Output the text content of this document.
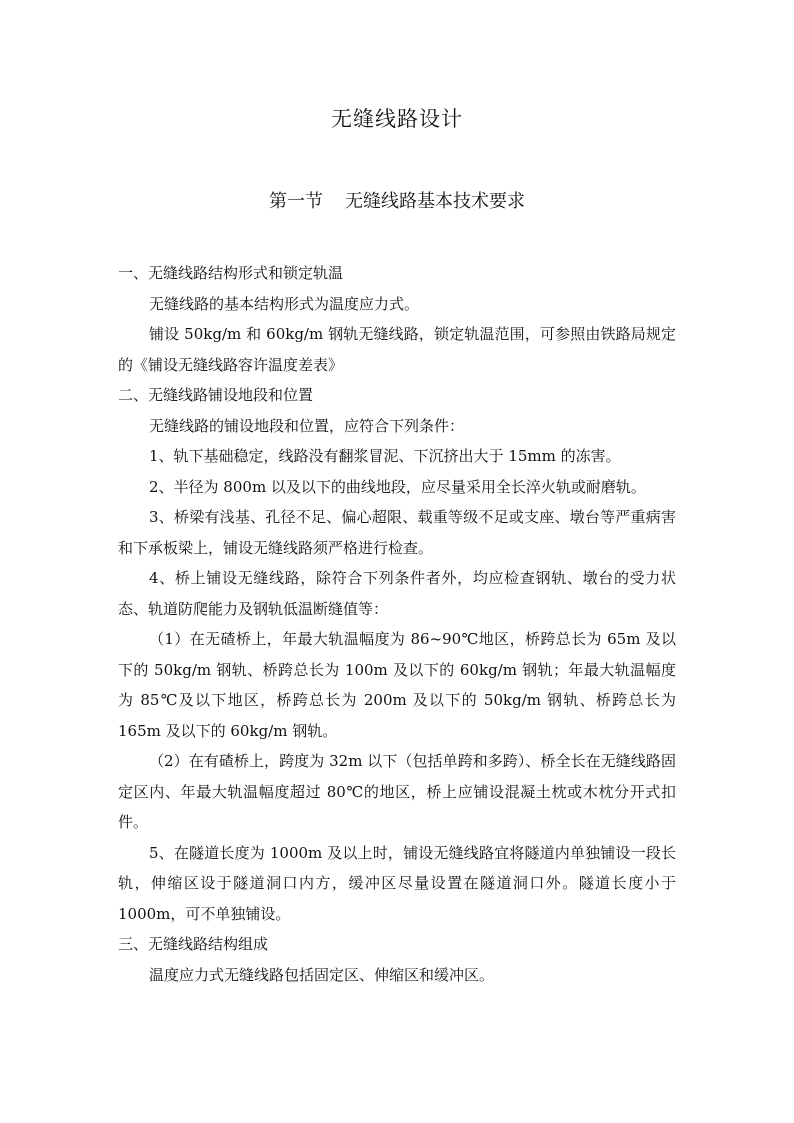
无缝线路设计
第一节 无缝线路基本技术要求

一、无缝线路结构形式和锁定轨温

无缝线路的基本结构形式为温度应力式。

铺设 50kg/m 和 60kg/m 钢轨无缝线路，锁定轨温范围，可参照由铁路局规定的《铺设无缝线路容许温度差表》

二、无缝线路铺设地段和位置

无缝线路的铺设地段和位置，应符合下列条件：

1、轨下基础稳定，线路没有翻浆冒泥、下沉挤出大于 15mm 的冻害。

2、半径为 800m 以及以下的曲线地段，应尽量采用全长淬火轨或耐磨轨。

3、桥梁有浅基、孔径不足、偏心超限、载重等级不足或支座、墩台等严重病害和下承板梁上，铺设无缝线路须严格进行检查。

4、桥上铺设无缝线路，除符合下列条件者外，均应检查钢轨、墩台的受力状态、轨道防爬能力及钢轨低温断缝值等：

（1）在无碴桥上，年最大轨温幅度为 86~90℃地区，桥跨总长为 65m 及以下的 50kg/m 钢轨、桥跨总长为 100m 及以下的 60kg/m 钢轨；年最大轨温幅度为 85℃及以下地区，桥跨总长为 200m 及以下的 50kg/m 钢轨、桥跨总长为 165m 及以下的 60kg/m 钢轨。

（2）在有碴桥上，跨度为 32m 以下（包括单跨和多跨）、桥全长在无缝线路固定区内、年最大轨温幅度超过 80℃的地区，桥上应铺设混凝土枕或木枕分开式扣件。

5、在隧道长度为 1000m 及以上时，铺设无缝线路宜将隧道内单独铺设一段长轨，伸缩区设于隧道洞口内方，缓冲区尽量设置在隧道洞口外。隧道长度小于 1000m，可不单独铺设。

三、无缝线路结构组成

温度应力式无缝线路包括固定区、伸缩区和缓冲区。
